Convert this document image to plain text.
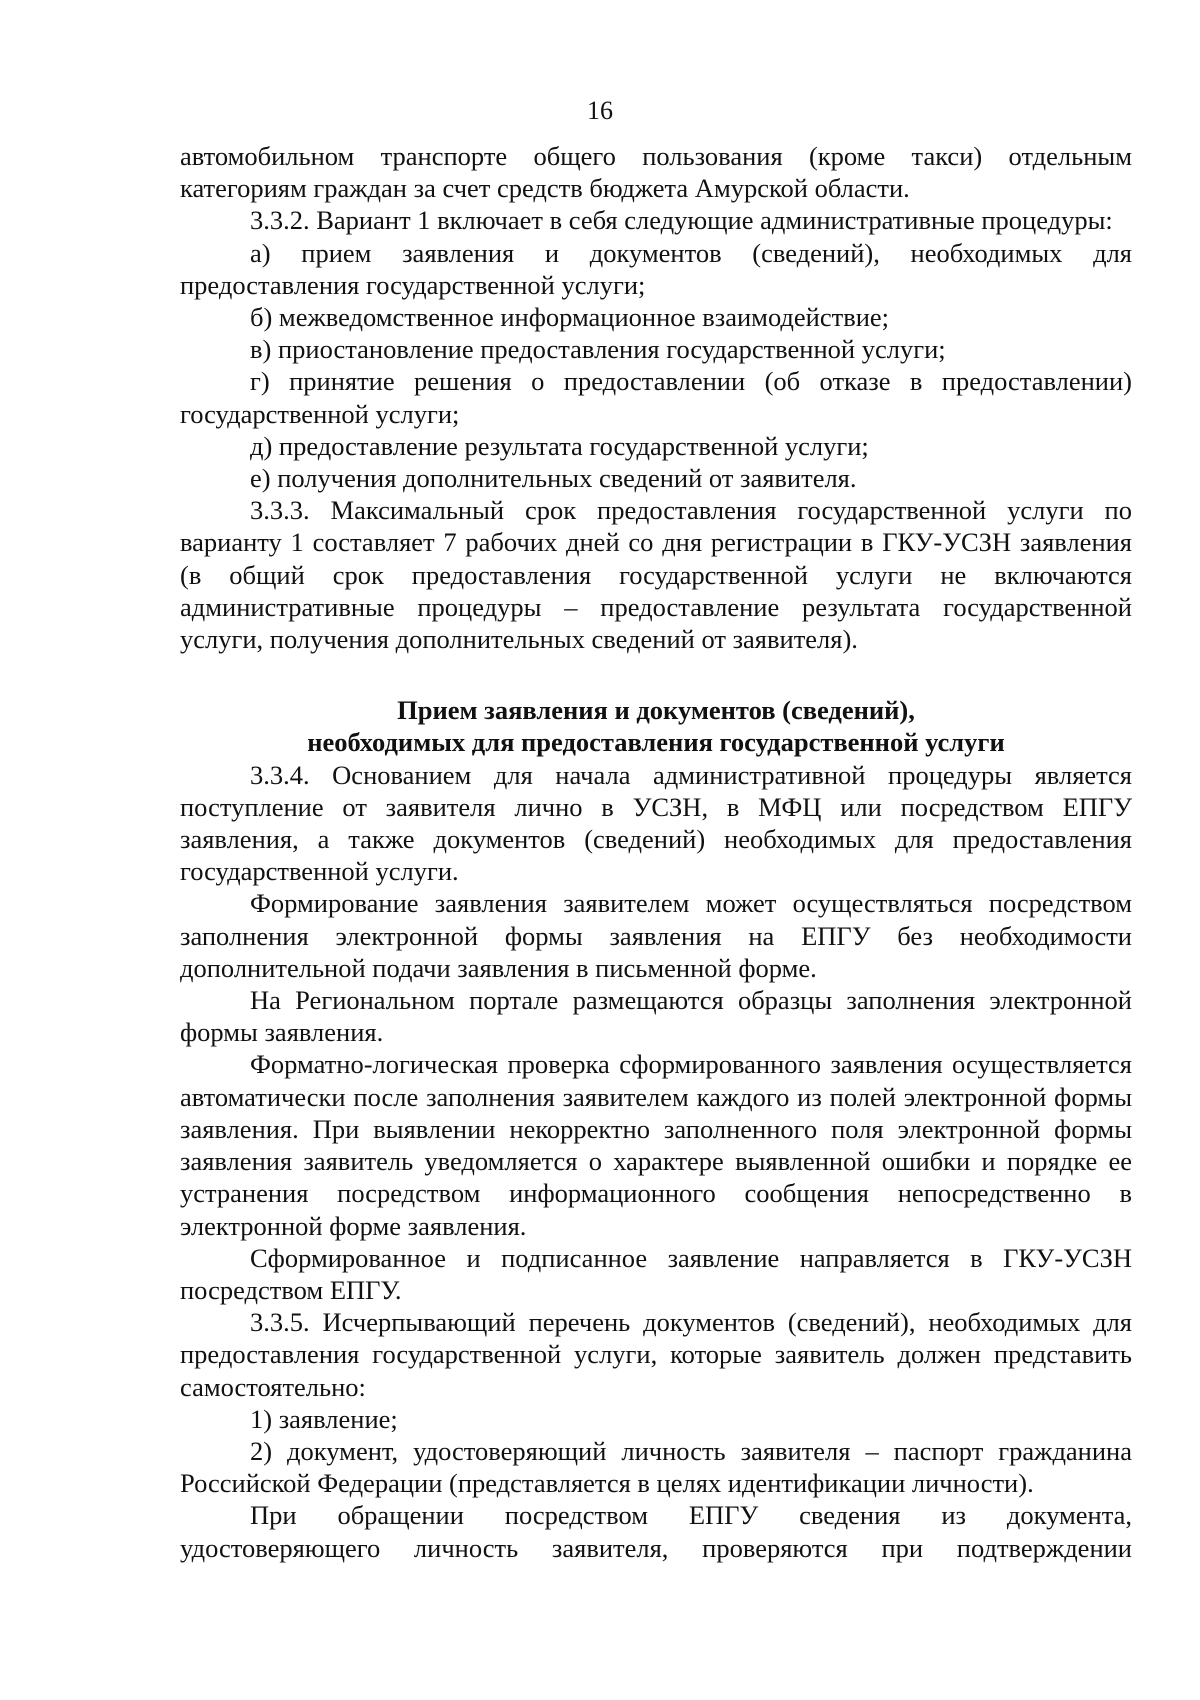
16

автомобильном транспорте общего пользования (кроме такси) отдельным категориям граждан за счет средств бюджета Амурской области.

3.3.2. Вариант 1 включает в себя следующие административные процедуры:

а) прием заявления и документов (сведений), необходимых для предоставления государственной услуги;

б) межведомственное информационное взаимодействие;

в) приостановление предоставления государственной услуги;

г) принятие решения о предоставлении (об отказе в предоставлении) государственной услуги;

д) предоставление результата государственной услуги;

е) получения дополнительных сведений от заявителя.

3.3.3. Максимальный срок предоставления государственной услуги по варианту 1 составляет 7 рабочих дней со дня регистрации в ГКУ-УСЗН заявления (в общий срок предоставления государственной услуги не включаются административные процедуры – предоставление результата государственной услуги, получения дополнительных сведений от заявителя).

Прием заявления и документов (сведений),
необходимых для предоставления государственной услуги

3.3.4. Основанием для начала административной процедуры является поступление от заявителя лично в УСЗН, в МФЦ или посредством ЕПГУ заявления, а также документов (сведений) необходимых для предоставления государственной услуги.

Формирование заявления заявителем может осуществляться посредством заполнения электронной формы заявления на ЕПГУ без необходимости дополнительной подачи заявления в письменной форме.

На Региональном портале размещаются образцы заполнения электронной формы заявления.

Форматно-логическая проверка сформированного заявления осуществляется автоматически после заполнения заявителем каждого из полей электронной формы заявления. При выявлении некорректно заполненного поля электронной формы заявления заявитель уведомляется о характере выявленной ошибки и порядке ее устранения посредством информационного сообщения непосредственно в электронной форме заявления.

Сформированное и подписанное заявление направляется в ГКУ-УСЗН посредством ЕПГУ.

3.3.5. Исчерпывающий перечень документов (сведений), необходимых для предоставления государственной услуги, которые заявитель должен представить самостоятельно:

1) заявление;

2) документ, удостоверяющий личность заявителя – паспорт гражданина Российской Федерации (представляется в целях идентификации личности).

При обращении посредством ЕПГУ сведения из документа, удостоверяющего личность заявителя, проверяются при подтверждении
